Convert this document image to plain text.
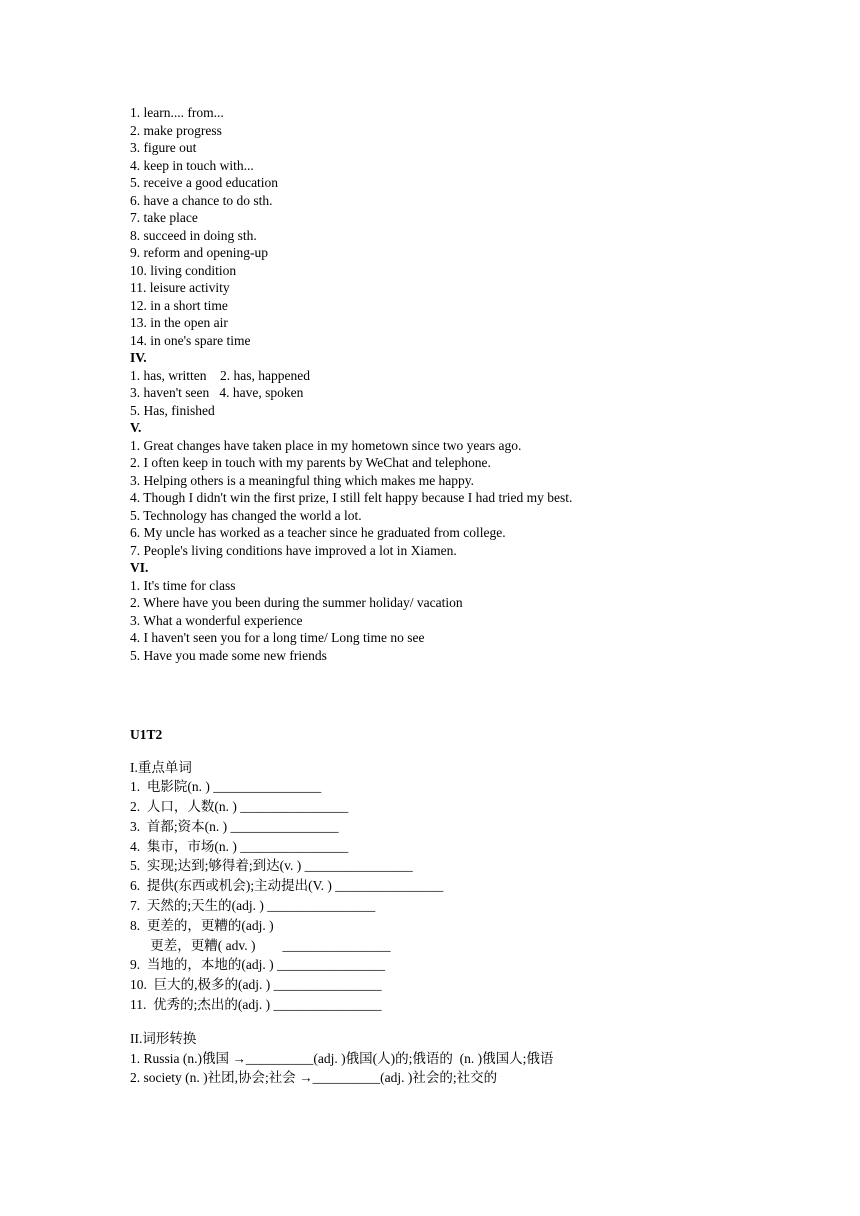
1. learn.... from...
2. make progress
3. figure out
4. keep in touch with...
5. receive a good education
6. have a chance to do sth.
7. take place
8. succeed in doing sth.
9. reform and opening-up
10. living condition
11. leisure activity
12. in a short time
13. in the open air
14. in one's spare time
IV.
1. has, written    2. has, happened
3. haven't seen   4. have, spoken
5. Has, finished
V.
1. Great changes have taken place in my hometown since two years ago.
2. I often keep in touch with my parents by WeChat and telephone.
3. Helping others is a meaningful thing which makes me happy.
4. Though I didn't win the first prize, I still felt happy because I had tried my best.
5. Technology has changed the world a lot.
6. My uncle has worked as a teacher since he graduated from college.
7. People's living conditions have improved a lot in Xiamen.
VI.
1. It's time for class
2. Where have you been during the summer holiday/ vacation
3. What a wonderful experience
4. I haven't seen you for a long time/ Long time no see
5. Have you made some new friends
U1T2
I.重点单词
1.  电影院(n. ) ________________
2.  人口，人数(n. ) ________________
3.  首都;资本(n. ) ________________
4.  集市，市场(n. ) ________________
5.  实现;达到;够得着;到达(v. ) ________________
6.  提供(东西或机会);主动提出(V. ) ________________
7.  天然的;天生的(adj. ) ________________
8.  更差的，更糟的(adj. )
更差，更糟( adv. )        ________________
9.  当地的，本地的(adj. ) ________________
10.  巨大的,极多的(adj. ) ________________
11.  优秀的;杰出的(adj. ) ________________
II.词形转换
1. Russia (n.)俄国 →__________(adj. )俄国(人)的;俄语的  (n. )俄国人;俄语
2. society (n. )社团,协会;社会 →__________(adj. )社会的;社交的
